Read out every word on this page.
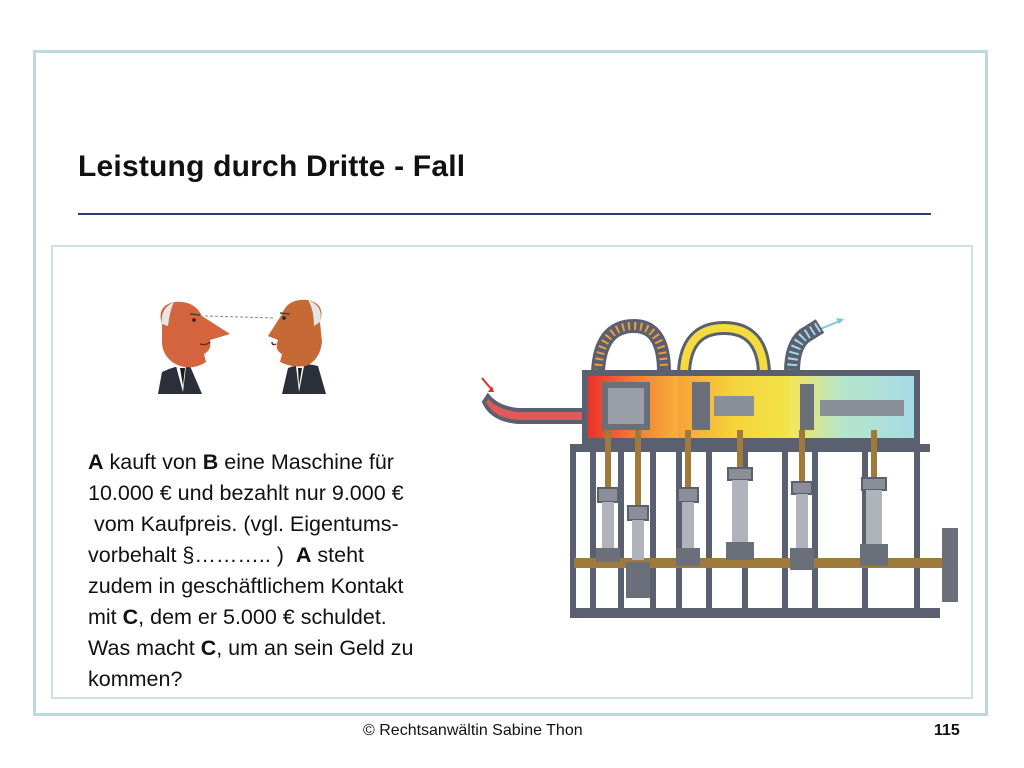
Leistung durch Dritte - Fall

A kauft von B eine Maschine für

10.000 € und bezahlt nur 9.000 €

vom Kaufpreis. (vgl. Eigentums-

vorbehalt §……….. )  A steht

zudem in geschäftlichem Kontakt

mit C, dem er 5.000 € schuldet.

Was macht C, um an sein Geld zu

kommen?

© Rechtsanwältin Sabine Thon	115
